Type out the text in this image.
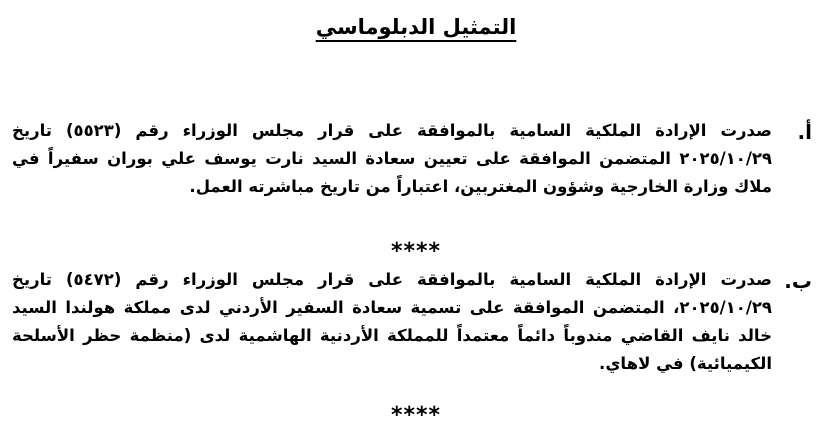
التمثيل الدبلوماسي
أ.

صدرت الإرادة الملكية السامية بالموافقة على قرار مجلس الوزراء رقم (٥٥٢٣) تاريخ ٢٠٢٥/١٠/٢٩ المتضمن الموافقة على تعيين سعادة السيد نارت يوسف علي بوران سفيراً في ملاك وزارة الخارجية وشؤون المغتربين، اعتباراً من تاريخ مباشرته العمل.

****
ب.

صدرت الإرادة الملكية السامية بالموافقة على قرار مجلس الوزراء رقم (٥٤٧٢) تاريخ ٢٠٢٥/١٠/٢٩، المتضمن الموافقة على تسمية سعادة السفير الأردني لدى مملكة هولندا السيد خالد نايف القاضي مندوباً دائماً معتمداً للمملكة الأردنية الهاشمية لدى (منظمة حظر الأسلحة الكيميائية) في لاهاي.

****
